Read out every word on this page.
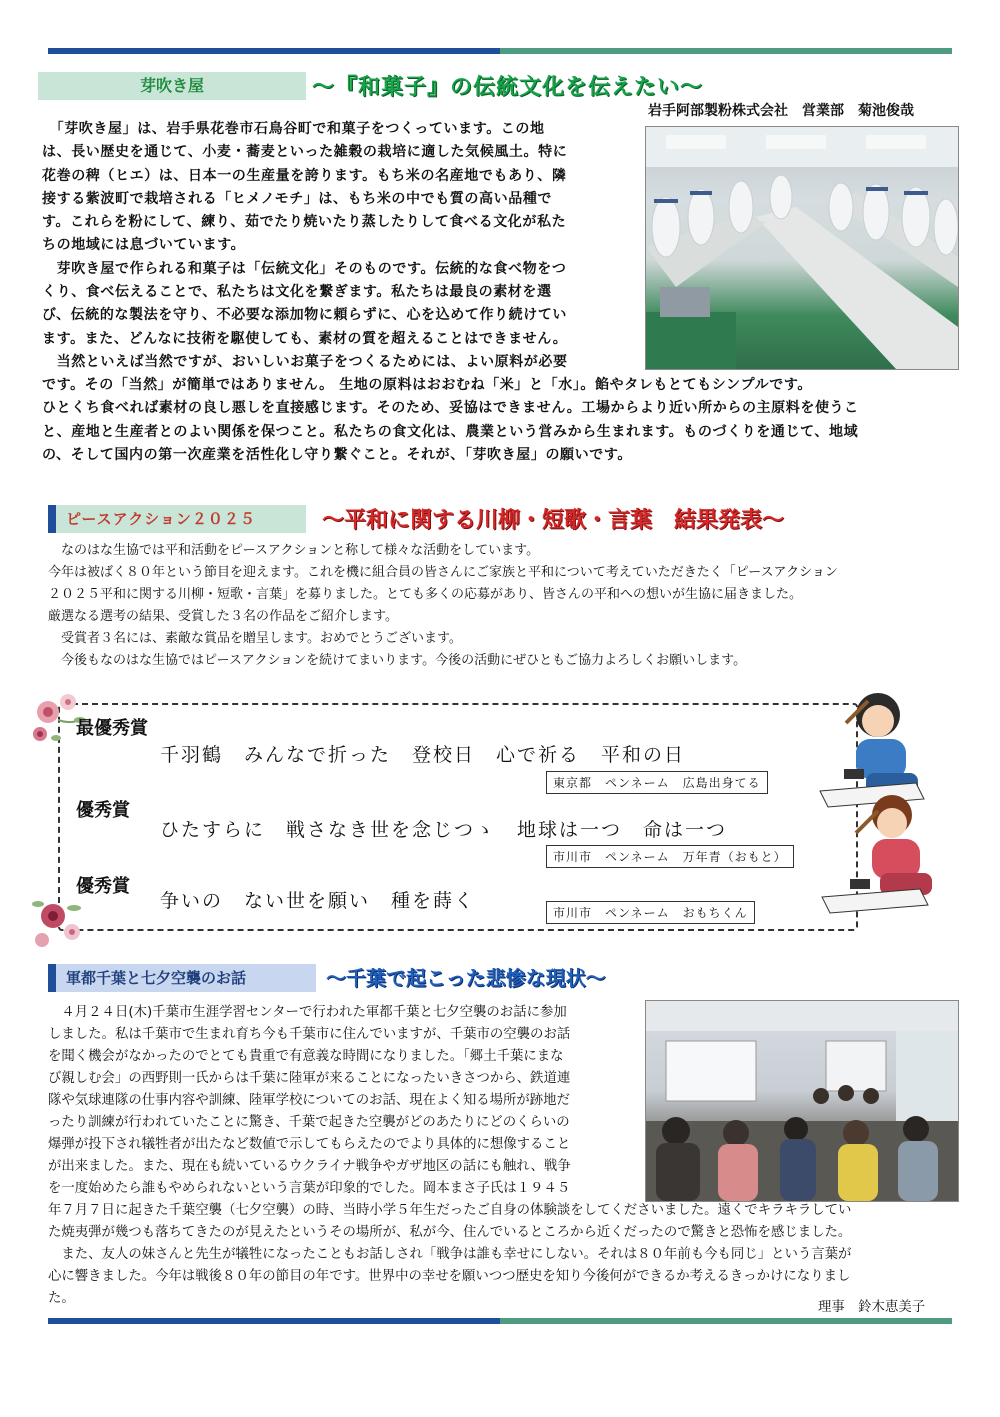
芽吹き屋	～『和菓子』の伝統文化を伝えたい～
岩手阿部製粉株式会社　営業部　菊池俊哉
　「芽吹き屋」は、岩手県花巻市石鳥谷町で和菓子をつくっています。この地
は、長い歴史を通じて、小麦・蕎麦といった雑穀の栽培に適した気候風土。特に
花巻の稗（ヒエ）は、日本一の生産量を誇ります。もち米の名産地でもあり、隣
接する紫波町で栽培される「ヒメノモチ」は、もち米の中でも質の高い品種で
す。これらを粉にして、練り、茹でたり焼いたり蒸したりして食べる文化が私た
ちの地域には息づいています。
　芽吹き屋で作られる和菓子は「伝統文化」そのものです。伝統的な食べ物をつ
くり、食べ伝えることで、私たちは文化を繋ぎます。私たちは最良の素材を選
び、伝統的な製法を守り、不必要な添加物に頼らずに、心を込めて作り続けてい
ます。また、どんなに技術を駆使しても、素材の質を超えることはできません。
　当然といえば当然ですが、おいしいお菓子をつくるためには、よい原料が必要
です。その「当然」が簡単ではありません。 生地の原料はおおむね「米」と「水」。餡やタレもとてもシンプルです。
ひとくち食べれば素材の良し悪しを直接感じます。そのため、妥協はできません。工場からより近い所からの主原料を使うこ
と、産地と生産者とのよい関係を保つこと。私たちの食文化は、農業という営みから生まれます。ものづくりを通じて、地域
の、そして国内の第一次産業を活性化し守り繋ぐこと。それが、「芽吹き屋」の願いです。
ピースアクション２０２５	～平和に関する川柳・短歌・言葉　結果発表～
　なのはな生協では平和活動をピースアクションと称して様々な活動をしています。
今年は被ばく８０年という節目を迎えます。これを機に組合員の皆さんにご家族と平和について考えていただきたく「ピースアクション
２０２５平和に関する川柳・短歌・言葉」を募りました。とても多くの応募があり、皆さんの平和への想いが生協に届きました。
厳選なる選考の結果、受賞した３名の作品をご紹介します。
　受賞者３名には、素敵な賞品を贈呈します。おめでとうございます。
　今後もなのはな生協ではピースアクションを続けてまいります。今後の活動にぜひともご協力よろしくお願いします。
最優秀賞
千羽鶴　みんなで折った　登校日　心で祈る　平和の日
東京都　ペンネーム　広島出身てる
優秀賞
ひたすらに　戦さなき世を念じつゝ　地球は一つ　命は一つ
市川市　ペンネーム　万年青（おもと）
優秀賞
争いの　ない世を願い　種を蒔く
市川市　ペンネーム　おもちくん
軍都千葉と七夕空襲のお話	～千葉で起こった悲惨な現状～
　４月２４日(木)千葉市生涯学習センターで行われた軍都千葉と七夕空襲のお話に参加
しました。私は千葉市で生まれ育ち今も千葉市に住んでいますが、千葉市の空襲のお話
を聞く機会がなかったのでとても貴重で有意義な時間になりました。「郷土千葉にまな
び親しむ会」の西野則一氏からは千葉に陸軍が来ることになったいきさつから、鉄道連
隊や気球連隊の仕事内容や訓練、陸軍学校についてのお話、現在よく知る場所が跡地だ
ったり訓練が行われていたことに驚き、千葉で起きた空襲がどのあたりにどのくらいの
爆弾が投下され犠牲者が出たなど数値で示してもらえたのでより具体的に想像すること
が出来ました。また、現在も続いているウクライナ戦争やガザ地区の話にも触れ、戦争
を一度始めたら誰もやめられないという言葉が印象的でした。岡本まさ子氏は１９４５
年７月７日に起きた千葉空襲（七夕空襲）の時、当時小学５年生だったご自身の体験談をしてくださいました。遠くでキラキラしてい
た焼夷弾が幾つも落ちてきたのが見えたというその場所が、私が今、住んでいるところから近くだったので驚きと恐怖を感じました。
　また、友人の妹さんと先生が犠牲になったこともお話しされ「戦争は誰も幸せにしない。それは８０年前も今も同じ」という言葉が
心に響きました。今年は戦後８０年の節目の年です。世界中の幸せを願いつつ歴史を知り今後何ができるか考えるきっかけになりまし
た。
理事　鈴木恵美子
